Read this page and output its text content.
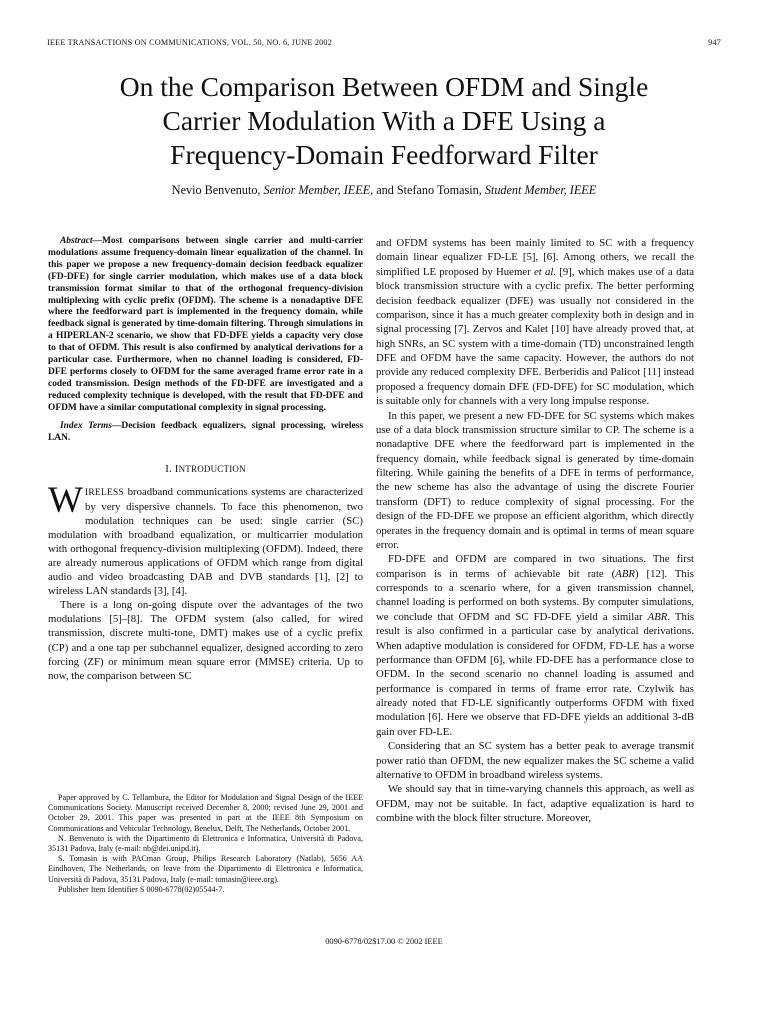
IEEE TRANSACTIONS ON COMMUNICATIONS, VOL. 50, NO. 6, JUNE 2002	947
On the Comparison Between OFDM and Single
Carrier Modulation With a DFE Using a
Frequency-Domain Feedforward Filter
Nevio Benvenuto, Senior Member, IEEE, and Stefano Tomasin, Student Member, IEEE

Abstract—Most comparisons between single carrier and multi-carrier modulations assume frequency-domain linear equalization of the channel. In this paper we propose a new frequency-domain decision feedback equalizer (FD-DFE) for single carrier modulation, which makes use of a data block transmission format similar to that of the orthogonal frequency-division multiplexing with cyclic prefix (OFDM). The scheme is a nonadaptive DFE where the feedforward part is implemented in the frequency domain, while feedback signal is generated by time-domain filtering. Through simulations in a HIPERLAN-2 scenario, we show that FD-DFE yields a capacity very close to that of OFDM. This result is also confirmed by analytical derivations for a particular case. Furthermore, when no channel loading is considered, FD-DFE performs closely to OFDM for the same averaged frame error rate in a coded transmission. Design methods of the FD-DFE are investigated and a reduced complexity technique is developed, with the result that FD-DFE and OFDM have a similar computational complexity in signal processing.

Index Terms—Decision feedback equalizers, signal processing, wireless LAN.

I. INTRODUCTION

WIRELESS broadband communications systems are characterized by very dispersive channels. To face this phenomenon, two modulation techniques can be used: single carrier (SC) modulation with broadband equalization, or multicarrier modulation with orthogonal frequency-division multiplexing (OFDM). Indeed, there are already numerous applications of OFDM which range from digital audio and video broadcasting DAB and DVB standards [1], [2] to wireless LAN standards [3], [4].

There is a long on-going dispute over the advantages of the two modulations [5]–[8]. The OFDM system (also called, for wired transmission, discrete multi-tone, DMT) makes use of a cyclic prefix (CP) and a one tap per subchannel equalizer, designed according to zero forcing (ZF) or minimum mean square error (MMSE) criteria. Up to now, the comparison between SC

Paper approved by C. Tellambura, the Editor for Modulation and Signal Design of the IEEE Communications Society. Manuscript received December 8, 2000; revised June 29, 2001 and October 29, 2001. This paper was presented in part at the IEEE 8th Symposium on Communications and Vehicular Technology, Benelux, Delft, The Netherlands, October 2001.

N. Benvenuto is with the Dipartimento di Elettronica e Informatica, Università di Padova, 35131 Padova, Italy (e-mail: nb@dei.unipd.it).

S. Tomasin is with PACman Group, Philips Research Laboratory (Natlab), 5656 AA Eindhoven, The Netherlands, on leave from the Dipartimento di Elettronica e Informatica, Università di Padova, 35131 Padova, Italy (e-mail: tomasin@ieee.org).

Publisher Item Identifier S 0090-6778(02)05544-7.

and OFDM systems has been mainly limited to SC with a frequency domain linear equalizer FD-LE [5], [6]. Among others, we recall the simplified LE proposed by Huemer et al. [9], which makes use of a data block transmission structure with a cyclic prefix. The better performing decision feedback equalizer (DFE) was usually not considered in the comparison, since it has a much greater complexity both in design and in signal processing [7]. Zervos and Kalet [10] have already proved that, at high SNRs, an SC system with a time-domain (TD) unconstrained length DFE and OFDM have the same capacity. However, the authors do not provide any reduced complexity DFE. Berberidis and Palicot [11] instead proposed a frequency domain DFE (FD-DFE) for SC modulation, which is suitable only for channels with a very long impulse response.

In this paper, we present a new FD-DFE for SC systems which makes use of a data block transmission structure similar to CP. The scheme is a nonadaptive DFE where the feedforward part is implemented in the frequency domain, while feedback signal is generated by time-domain filtering. While gaining the benefits of a DFE in terms of performance, the new scheme has also the advantage of using the discrete Fourier transform (DFT) to reduce complexity of signal processing. For the design of the FD-DFE we propose an efficient algorithm, which directly operates in the frequency domain and is optimal in terms of mean square error.

FD-DFE and OFDM are compared in two situations. The first comparison is in terms of achievable bit rate (ABR) [12]. This corresponds to a scenario where, for a given transmission channel, channel loading is performed on both systems. By computer simulations, we conclude that OFDM and SC FD-DFE yield a similar ABR. This result is also confirmed in a particular case by analytical derivations. When adaptive modulation is considered for OFDM, FD-LE has a worse performance than OFDM [6], while FD-DFE has a performance close to OFDM. In the second scenario no channel loading is assumed and performance is compared in terms of frame error rate. Czylwik has already noted that FD-LE significantly outperforms OFDM with fixed modulation [6]. Here we observe that FD-DFE yields an additional 3-dB gain over FD-LE.

Considering that an SC system has a better peak to average transmit power ratio than OFDM, the new equalizer makes the SC scheme a valid alternative to OFDM in broadband wireless systems.

We should say that in time-varying channels this approach, as well as OFDM, may not be suitable. In fact, adaptive equalization is hard to combine with the block filter structure. Moreover,

0090-6778/02$17.00 © 2002 IEEE
